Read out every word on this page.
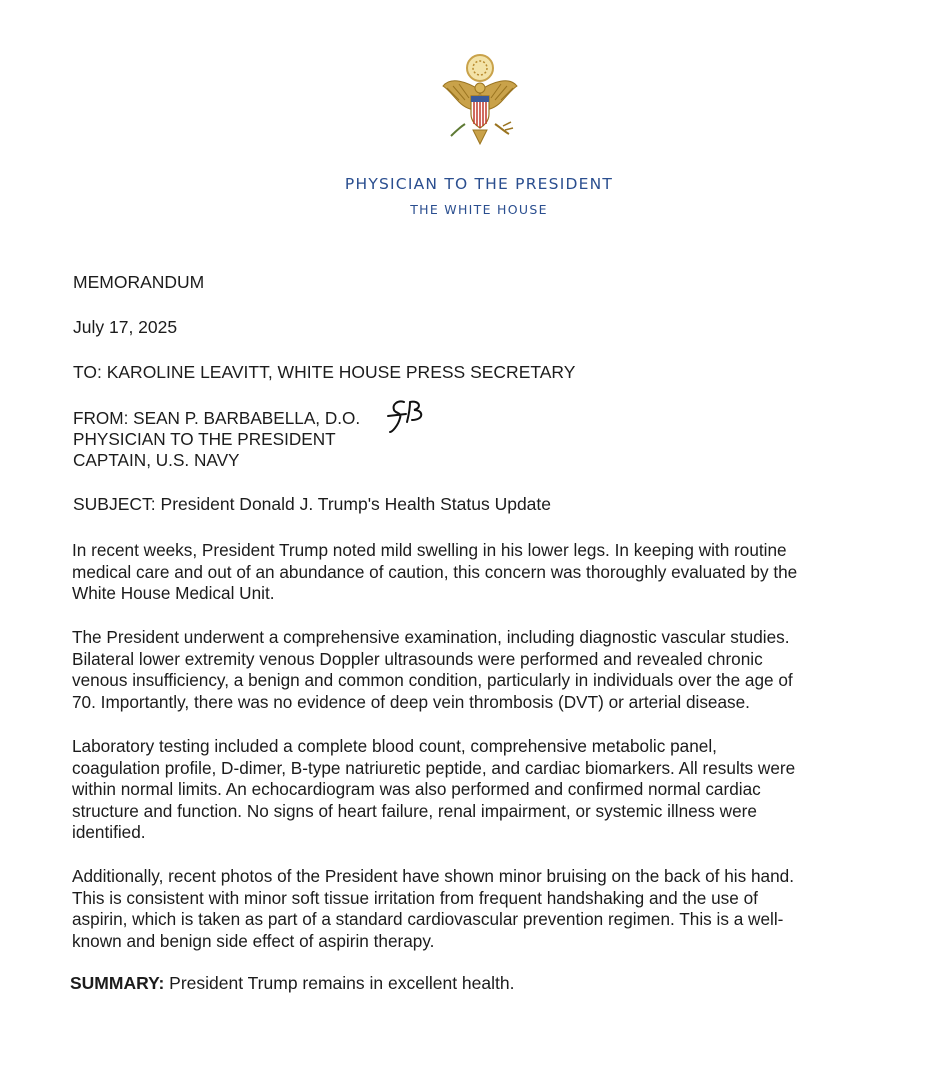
PHYSICIAN TO THE PRESIDENT
THE WHITE HOUSE
MEMORANDUM
July 17, 2025
TO: KAROLINE LEAVITT, WHITE HOUSE PRESS SECRETARY
FROM: SEAN P. BARBABELLA, D.O.
PHYSICIAN TO THE PRESIDENT
CAPTAIN, U.S. NAVY
SUBJECT: President Donald J. Trump's Health Status Update
In recent weeks, President Trump noted mild swelling in his lower legs. In keeping with routine
medical care and out of an abundance of caution, this concern was thoroughly evaluated by the
White House Medical Unit.
The President underwent a comprehensive examination, including diagnostic vascular studies.
Bilateral lower extremity venous Doppler ultrasounds were performed and revealed chronic
venous insufficiency, a benign and common condition, particularly in individuals over the age of
70. Importantly, there was no evidence of deep vein thrombosis (DVT) or arterial disease.
Laboratory testing included a complete blood count, comprehensive metabolic panel,
coagulation profile, D-dimer, B-type natriuretic peptide, and cardiac biomarkers. All results were
within normal limits. An echocardiogram was also performed and confirmed normal cardiac
structure and function. No signs of heart failure, renal impairment, or systemic illness were
identified.
Additionally, recent photos of the President have shown minor bruising on the back of his hand.
This is consistent with minor soft tissue irritation from frequent handshaking and the use of
aspirin, which is taken as part of a standard cardiovascular prevention regimen. This is a well-
known and benign side effect of aspirin therapy.
SUMMARY: President Trump remains in excellent health.
